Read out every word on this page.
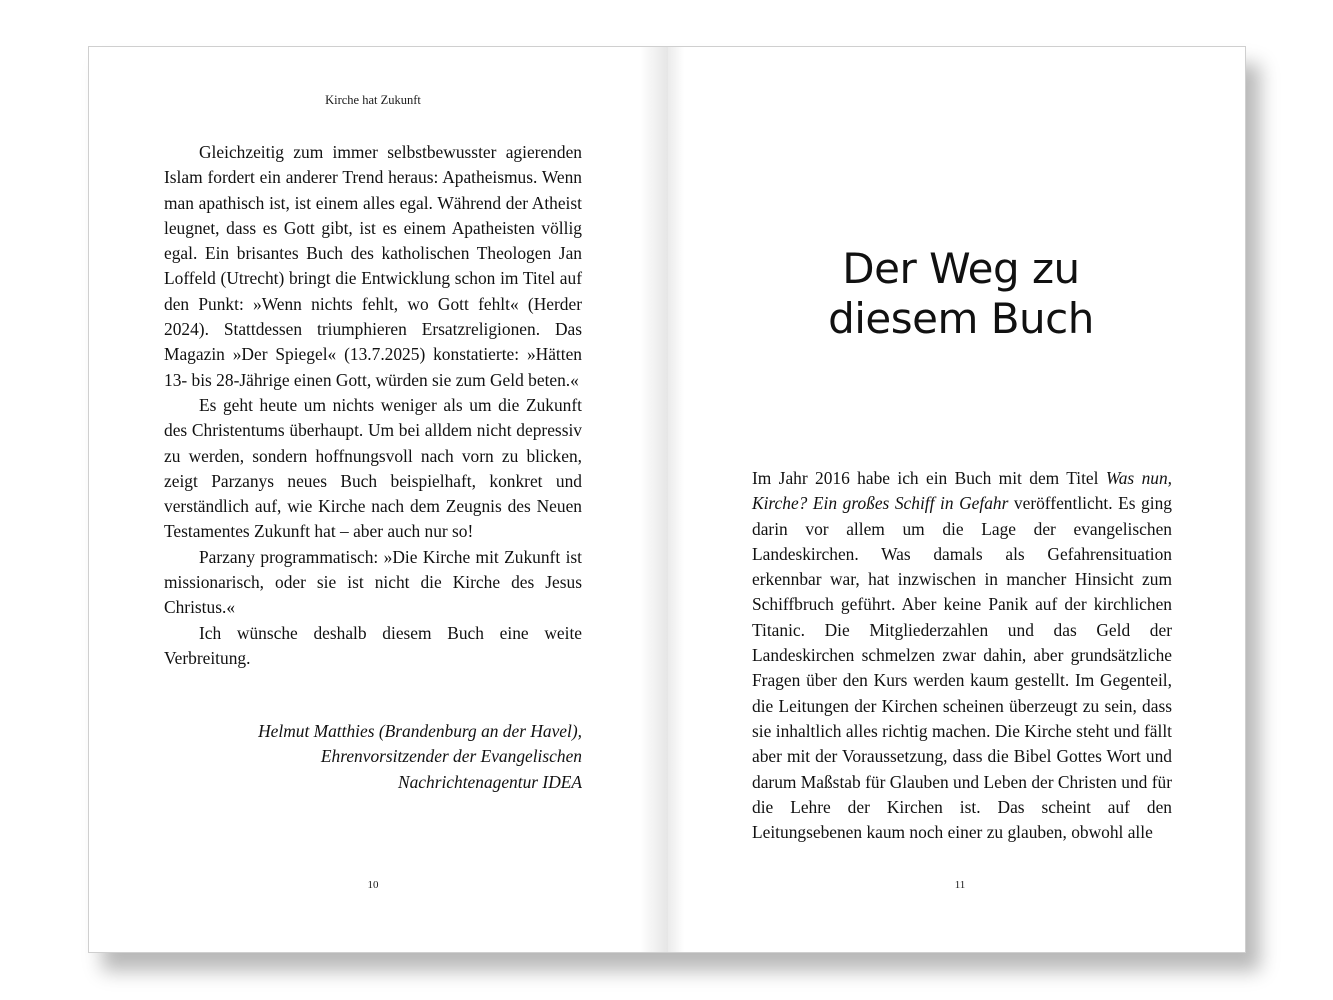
Kirche hat Zukunft

Gleichzeitig zum immer selbstbewusster agierenden Islam fordert ein anderer Trend heraus: Apatheismus. Wenn man apathisch ist, ist einem alles egal. Während der Atheist leugnet, dass es Gott gibt, ist es einem Apatheisten völlig egal. Ein brisantes Buch des katholischen Theologen Jan Loffeld (Utrecht) bringt die Entwicklung schon im Titel auf den Punkt: »Wenn nichts fehlt, wo Gott fehlt« (Herder 2024). Stattdessen triumphieren Ersatzreligionen. Das Magazin »Der Spiegel« (13.7.2025) konstatierte: »Hätten 13- bis 28-Jährige einen Gott, würden sie zum Geld beten.«

Es geht heute um nichts weniger als um die Zukunft des Christentums überhaupt. Um bei alldem nicht depressiv zu werden, sondern hoffnungsvoll nach vorn zu blicken, zeigt Parzanys neues Buch beispielhaft, konkret und verständlich auf, wie Kirche nach dem Zeugnis des Neuen Testamentes Zukunft hat – aber auch nur so!

Parzany programmatisch: »Die Kirche mit Zukunft ist missionarisch, oder sie ist nicht die Kirche des Jesus Christus.«

Ich wünsche deshalb diesem Buch eine weite Verbreitung.

Helmut Matthies (Brandenburg an der Havel),
Ehrenvorsitzender der Evangelischen
Nachrichtenagentur IDEA
10
Der Weg zu
diesem Buch

Im Jahr 2016 habe ich ein Buch mit dem Titel Was nun, Kirche? Ein großes Schiff in Gefahr veröffentlicht. Es ging darin vor allem um die Lage der evangelischen Landeskirchen. Was damals als Gefahrensituation erkennbar war, hat inzwischen in mancher Hinsicht zum Schiffbruch geführt. Aber keine Panik auf der kirchlichen Titanic. Die Mitgliederzahlen und das Geld der Landeskirchen schmelzen zwar dahin, aber grundsätzliche Fragen über den Kurs werden kaum gestellt. Im Gegenteil, die Leitungen der Kirchen scheinen überzeugt zu sein, dass sie inhaltlich alles richtig machen. Die Kirche steht und fällt aber mit der Voraussetzung, dass die Bibel Gottes Wort und darum Maßstab für Glauben und Leben der Christen und für die Lehre der Kirchen ist. Das scheint auf den Leitungsebenen kaum noch einer zu glauben, obwohl alle

11
